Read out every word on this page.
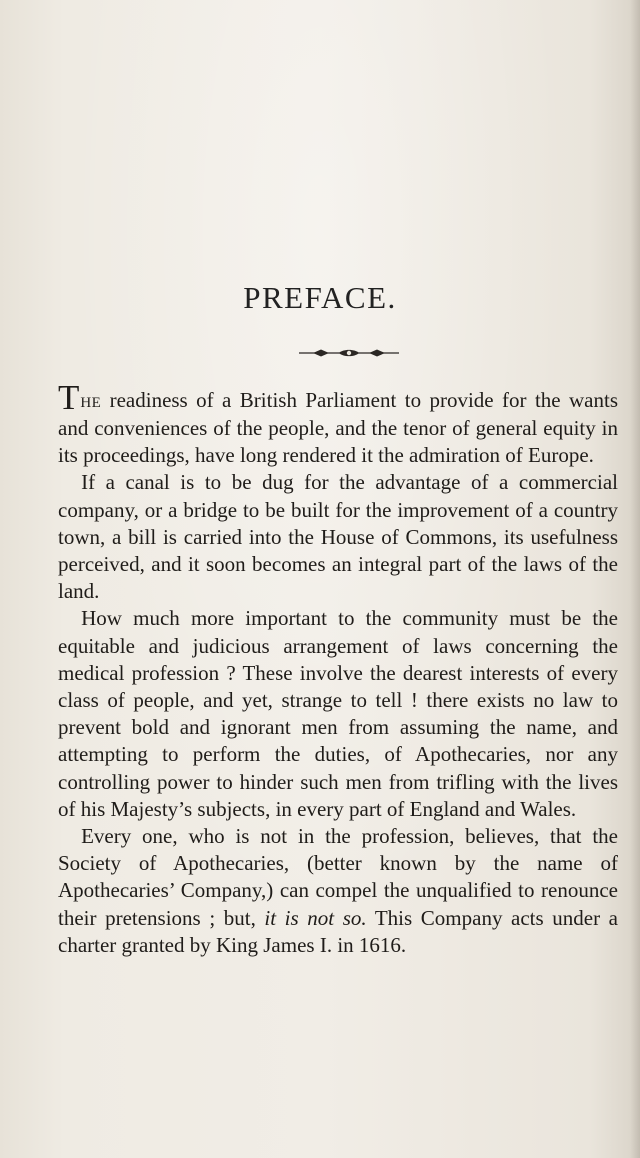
PREFACE.

The readiness of a British Parliament to provide for the wants and conveniences of the people, and the tenor of general equity in its proceedings, have long rendered it the admiration of Europe.

If a canal is to be dug for the advantage of a commercial company, or a bridge to be built for the improvement of a country town, a bill is carried into the House of Commons, its usefulness perceived, and it soon becomes an integral part of the laws of the land.

How much more important to the community must be the equitable and judicious arrangement of laws concerning the medical profession ? These involve the dearest interests of every class of people, and yet, strange to tell ! there exists no law to prevent bold and ignorant men from assuming the name, and attempting to perform the duties, of Apothecaries, nor any controlling power to hinder such men from trifling with the lives of his Majesty’s subjects, in every part of England and Wales.

Every one, who is not in the profession, believes, that the Society of Apothecaries, (better known by the name of Apothecaries’ Company,) can compel the unqualified to renounce their pretensions ; but, it is not so. This Company acts under a charter granted by King James I. in 1616.
